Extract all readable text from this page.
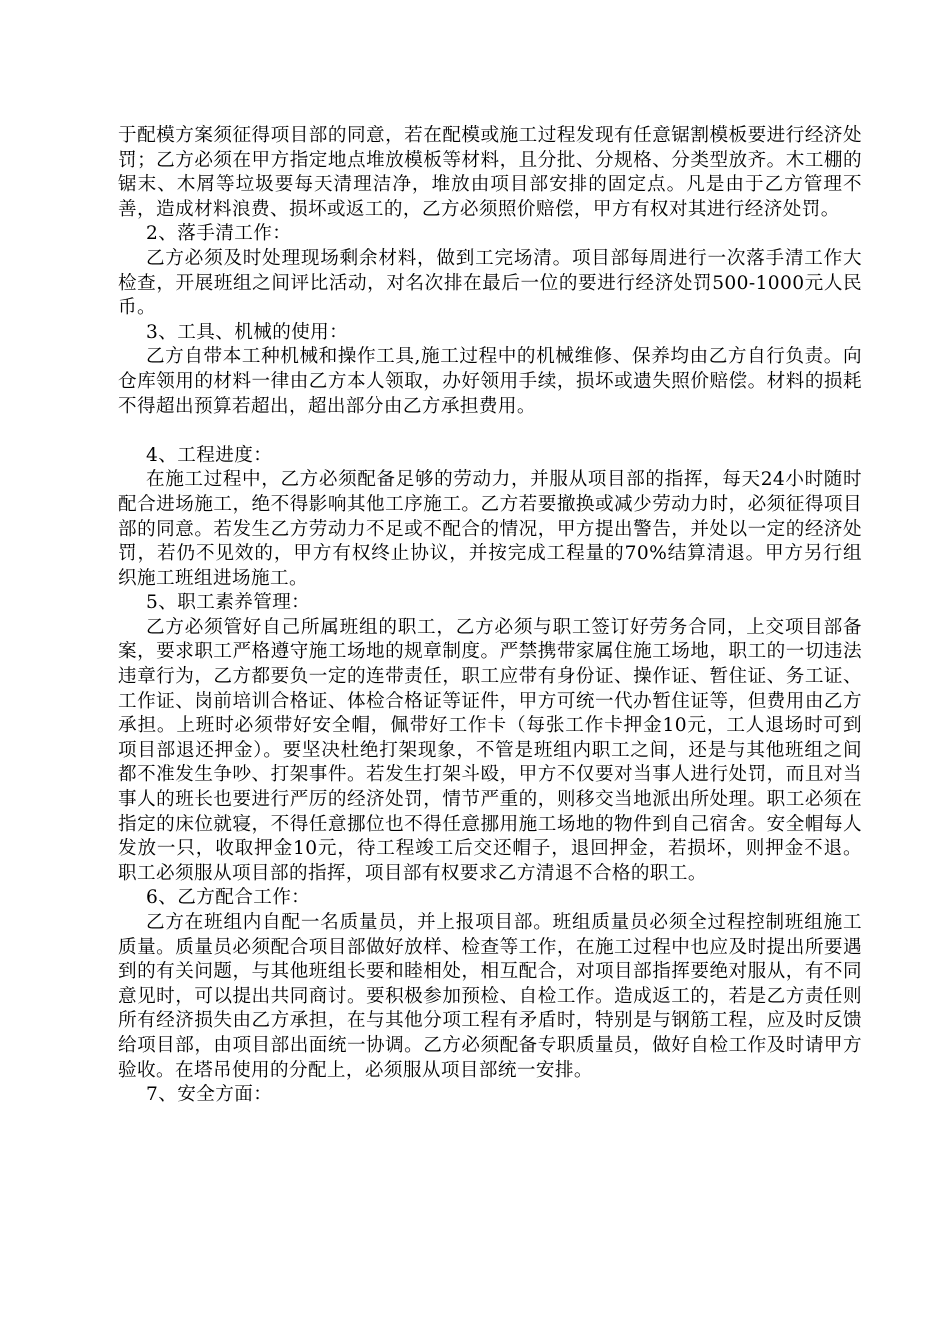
于配模方案须征得项目部的同意，若在配模或施工过程发现有任意锯割模板要进行经济处罚；乙方必须在甲方指定地点堆放模板等材料，且分批、分规格、分类型放齐。木工棚的锯末、木屑等垃圾要每天清理洁净，堆放由项目部安排的固定点。凡是由于乙方管理不善，造成材料浪费、损坏或返工的，乙方必须照价赔偿，甲方有权对其进行经济处罚。

2、落手清工作：

乙方必须及时处理现场剩余材料，做到工完场清。项目部每周进行一次落手清工作大检查，开展班组之间评比活动，对名次排在最后一位的要进行经济处罚500-1000元人民币。

3、工具、机械的使用：

乙方自带本工种机械和操作工具,施工过程中的机械维修、保养均由乙方自行负责。向仓库领用的材料一律由乙方本人领取，办好领用手续，损坏或遗失照价赔偿。材料的损耗不得超出预算若超出，超出部分由乙方承担费用。

4、工程进度：

在施工过程中，乙方必须配备足够的劳动力，并服从项目部的指挥，每天24小时随时配合进场施工，绝不得影响其他工序施工。乙方若要撤换或减少劳动力时，必须征得项目部的同意。若发生乙方劳动力不足或不配合的情况，甲方提出警告，并处以一定的经济处罚，若仍不见效的，甲方有权终止协议，并按完成工程量的70%结算清退。甲方另行组织施工班组进场施工。

5、职工素养管理：

乙方必须管好自己所属班组的职工，乙方必须与职工签订好劳务合同，上交项目部备案，要求职工严格遵守施工场地的规章制度。严禁携带家属住施工场地，职工的一切违法违章行为，乙方都要负一定的连带责任，职工应带有身份证、操作证、暂住证、务工证、工作证、岗前培训合格证、体检合格证等证件，甲方可统一代办暂住证等，但费用由乙方承担。上班时必须带好安全帽，佩带好工作卡（每张工作卡押金10元，工人退场时可到项目部退还押金）。要坚决杜绝打架现象，不管是班组内职工之间，还是与其他班组之间都不准发生争吵、打架事件。若发生打架斗殴，甲方不仅要对当事人进行处罚，而且对当事人的班长也要进行严厉的经济处罚，情节严重的，则移交当地派出所处理。职工必须在指定的床位就寝，不得任意挪位也不得任意挪用施工场地的物件到自己宿舍。安全帽每人发放一只，收取押金10元，待工程竣工后交还帽子，退回押金，若损坏，则押金不退。职工必须服从项目部的指挥，项目部有权要求乙方清退不合格的职工。

6、乙方配合工作：

乙方在班组内自配一名质量员，并上报项目部。班组质量员必须全过程控制班组施工质量。质量员必须配合项目部做好放样、检查等工作，在施工过程中也应及时提出所要遇到的有关问题，与其他班组长要和睦相处，相互配合，对项目部指挥要绝对服从，有不同意见时，可以提出共同商讨。要积极参加预检、自检工作。造成返工的，若是乙方责任则所有经济损失由乙方承担，在与其他分项工程有矛盾时，特别是与钢筋工程，应及时反馈给项目部，由项目部出面统一协调。乙方必须配备专职质量员，做好自检工作及时请甲方验收。在塔吊使用的分配上，必须服从项目部统一安排。

7、安全方面：
